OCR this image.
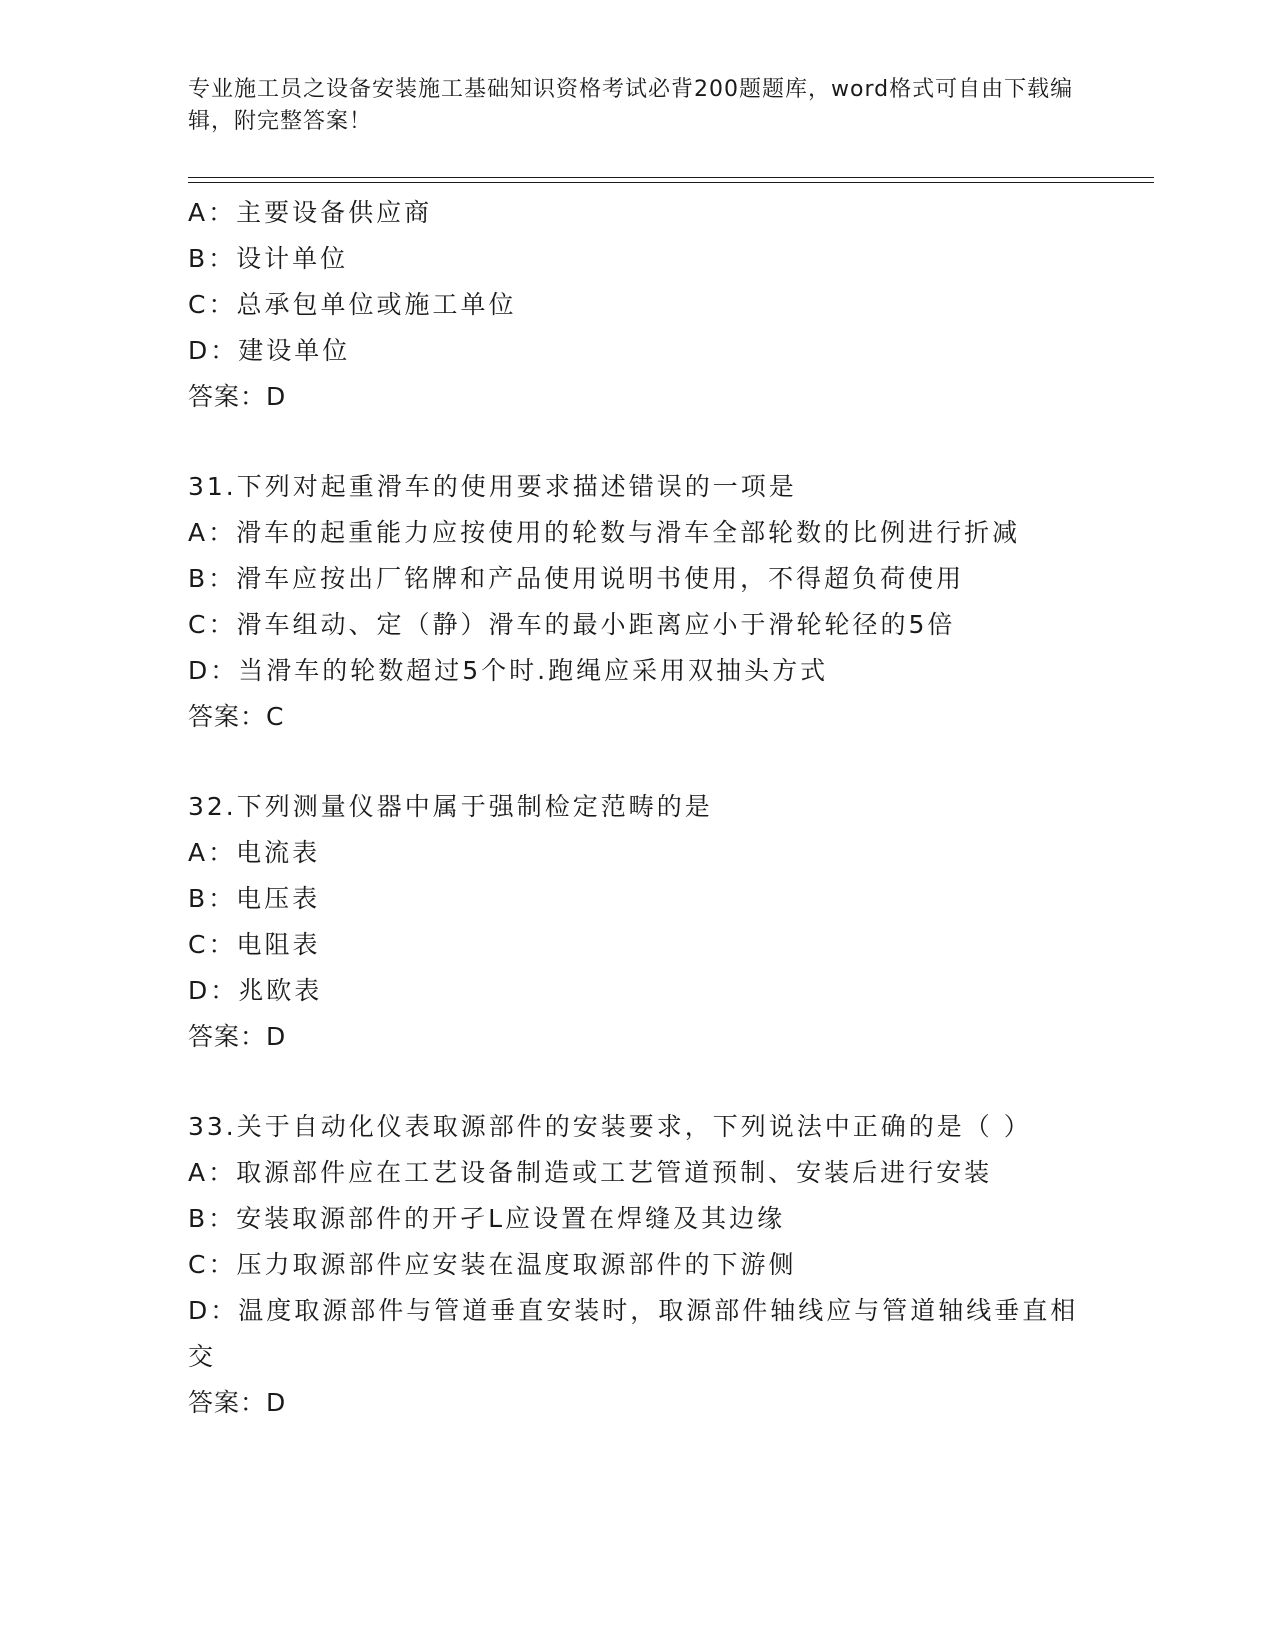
专业施工员之设备安装施工基础知识资格考试必背200题题库，word格式可自由下载编辑，附完整答案！
A：主要设备供应商
B：设计单位
C：总承包单位或施工单位
D：建设单位
答案：D
31.下列对起重滑车的使用要求描述错误的一项是
A：滑车的起重能力应按使用的轮数与滑车全部轮数的比例进行折减
B：滑车应按出厂铭牌和产品使用说明书使用，不得超负荷使用
C：滑车组动、定（静）滑车的最小距离应小于滑轮轮径的5倍
D：当滑车的轮数超过5个时.跑绳应采用双抽头方式
答案：C
32.下列测量仪器中属于强制检定范畴的是
A：电流表
B：电压表
C：电阻表
D：兆欧表
答案：D
33.关于自动化仪表取源部件的安装要求，下列说法中正确的是（ ）
A：取源部件应在工艺设备制造或工艺管道预制、安装后进行安装
B：安装取源部件的开孑L应设置在焊缝及其边缘
C：压力取源部件应安装在温度取源部件的下游侧
D：温度取源部件与管道垂直安装时，取源部件轴线应与管道轴线垂直相交
答案：D
